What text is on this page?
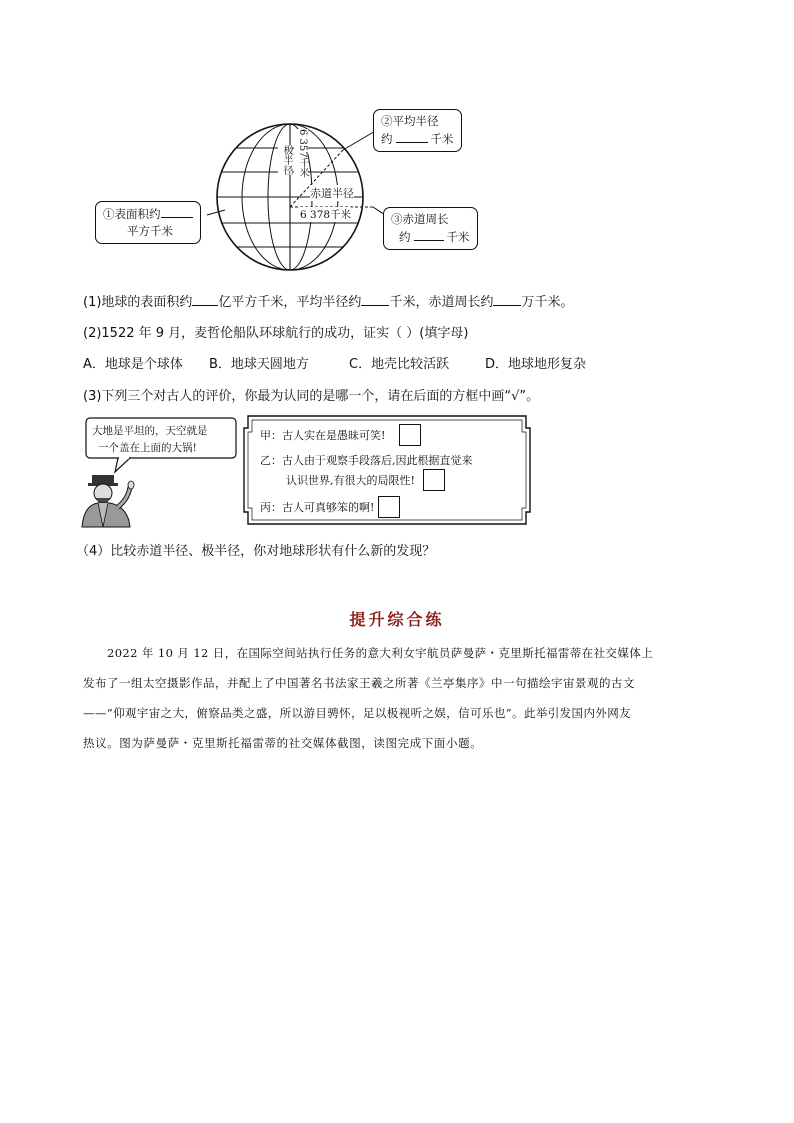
极半径 6 357千米
赤道半径
6 378千米
①表面积约
平方千米
②平均半径
约	千米
③赤道周长
约	千米
(1)地球的表面积约 亿平方千米，平均半径约 千米，赤道周长约 万千米。
(2)1522 年 9 月，麦哲伦船队环球航行的成功，证实（ ）(填字母)
A．地球是个球体	B．地球天圆地方	C．地壳比较活跃	D．地球地形复杂
(3)下列三个对古人的评价，你最为认同的是哪一个，请在后面的方框中画“√”。
大地是平坦的，天空就是
一个盖在上面的大锅!
甲：古人实在是愚昧可笑!
乙：古人由于观察手段落后,因此根据直觉来
认识世界,有很大的局限性!
丙：古人可真够笨的啊!
（4）比较赤道半径、极半径，你对地球形状有什么新的发现？
提升综合练

2022 年 10 月 12 日，在国际空间站执行任务的意大利女宇航员萨曼萨・克里斯托福雷蒂在社交媒体上

发布了一组太空摄影作品，并配上了中国著名书法家王羲之所著《兰亭集序》中一句描绘宇宙景观的古文

——“仰观宇宙之大，俯察品类之盛，所以游目骋怀，足以极视听之娱，信可乐也”。此举引发国内外网友

热议。图为萨曼萨・克里斯托福雷蒂的社交媒体截图，读图完成下面小题。
